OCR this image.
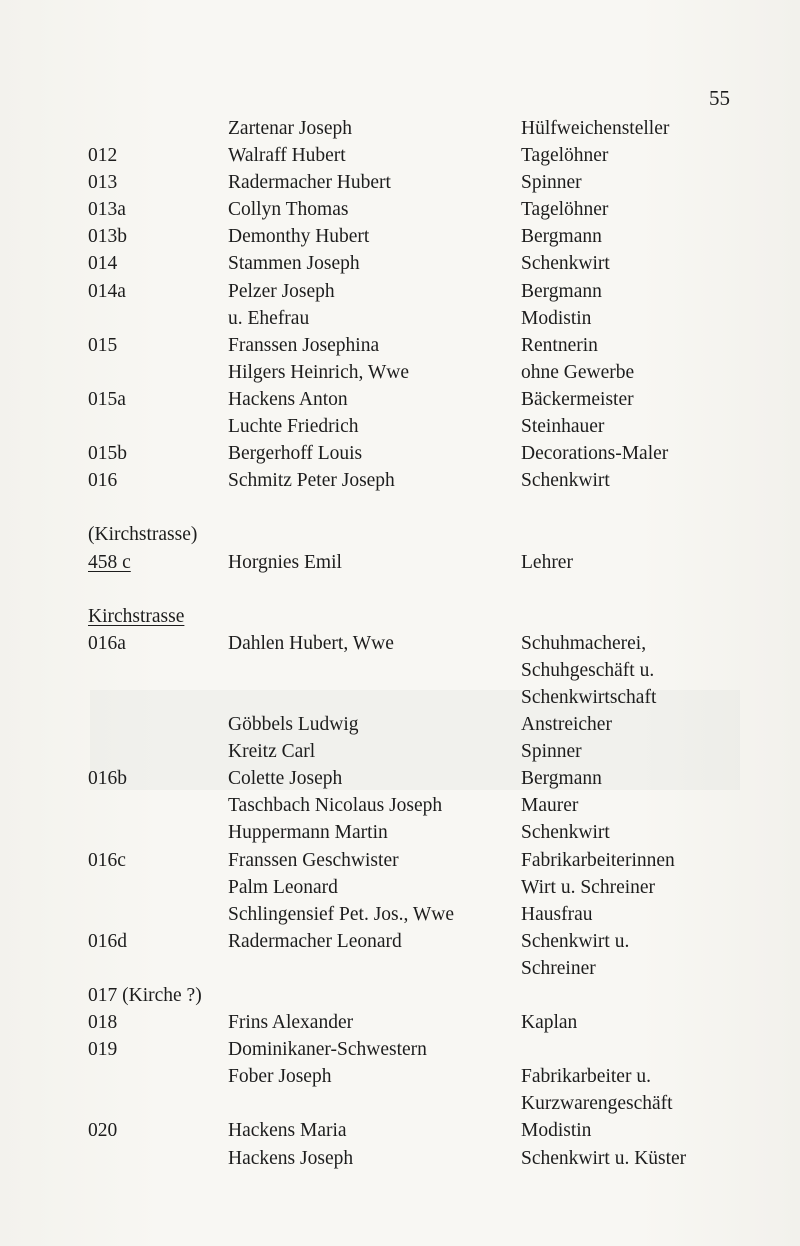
55
Zartenar Joseph	Hülfweichensteller
012	Walraff Hubert	Tagelöhner
013	Radermacher Hubert	Spinner
013a	Collyn Thomas	Tagelöhner
013b	Demonthy Hubert	Bergmann
014	Stammen Joseph	Schenkwirt
014a	Pelzer Joseph	Bergmann
u. Ehefrau	Modistin
015	Franssen Josephina	Rentnerin
Hilgers Heinrich, Wwe	ohne Gewerbe
015a	Hackens Anton	Bäckermeister
Luchte Friedrich	Steinhauer
015b	Bergerhoff Louis	Decorations-Maler
016	Schmitz Peter Joseph	Schenkwirt
(Kirchstrasse)
458 c	Horgnies Emil	Lehrer
Kirchstrasse
016a	Dahlen Hubert, Wwe	Schuhmacherei,
Schuhgeschäft u.
Schenkwirtschaft
Göbbels Ludwig	Anstreicher
Kreitz Carl	Spinner
016b	Colette Joseph	Bergmann
Taschbach Nicolaus Joseph	Maurer
Huppermann Martin	Schenkwirt
016c	Franssen Geschwister	Fabrikarbeiterinnen
Palm Leonard	Wirt u. Schreiner
Schlingensief Pet. Jos., Wwe	Hausfrau
016d	Radermacher Leonard	Schenkwirt u.
Schreiner
017 (Kirche ?)
018	Frins Alexander	Kaplan
019	Dominikaner-Schwestern
Fober Joseph	Fabrikarbeiter u.
Kurzwarengeschäft
020	Hackens Maria	Modistin
Hackens Joseph	Schenkwirt u. Küster
